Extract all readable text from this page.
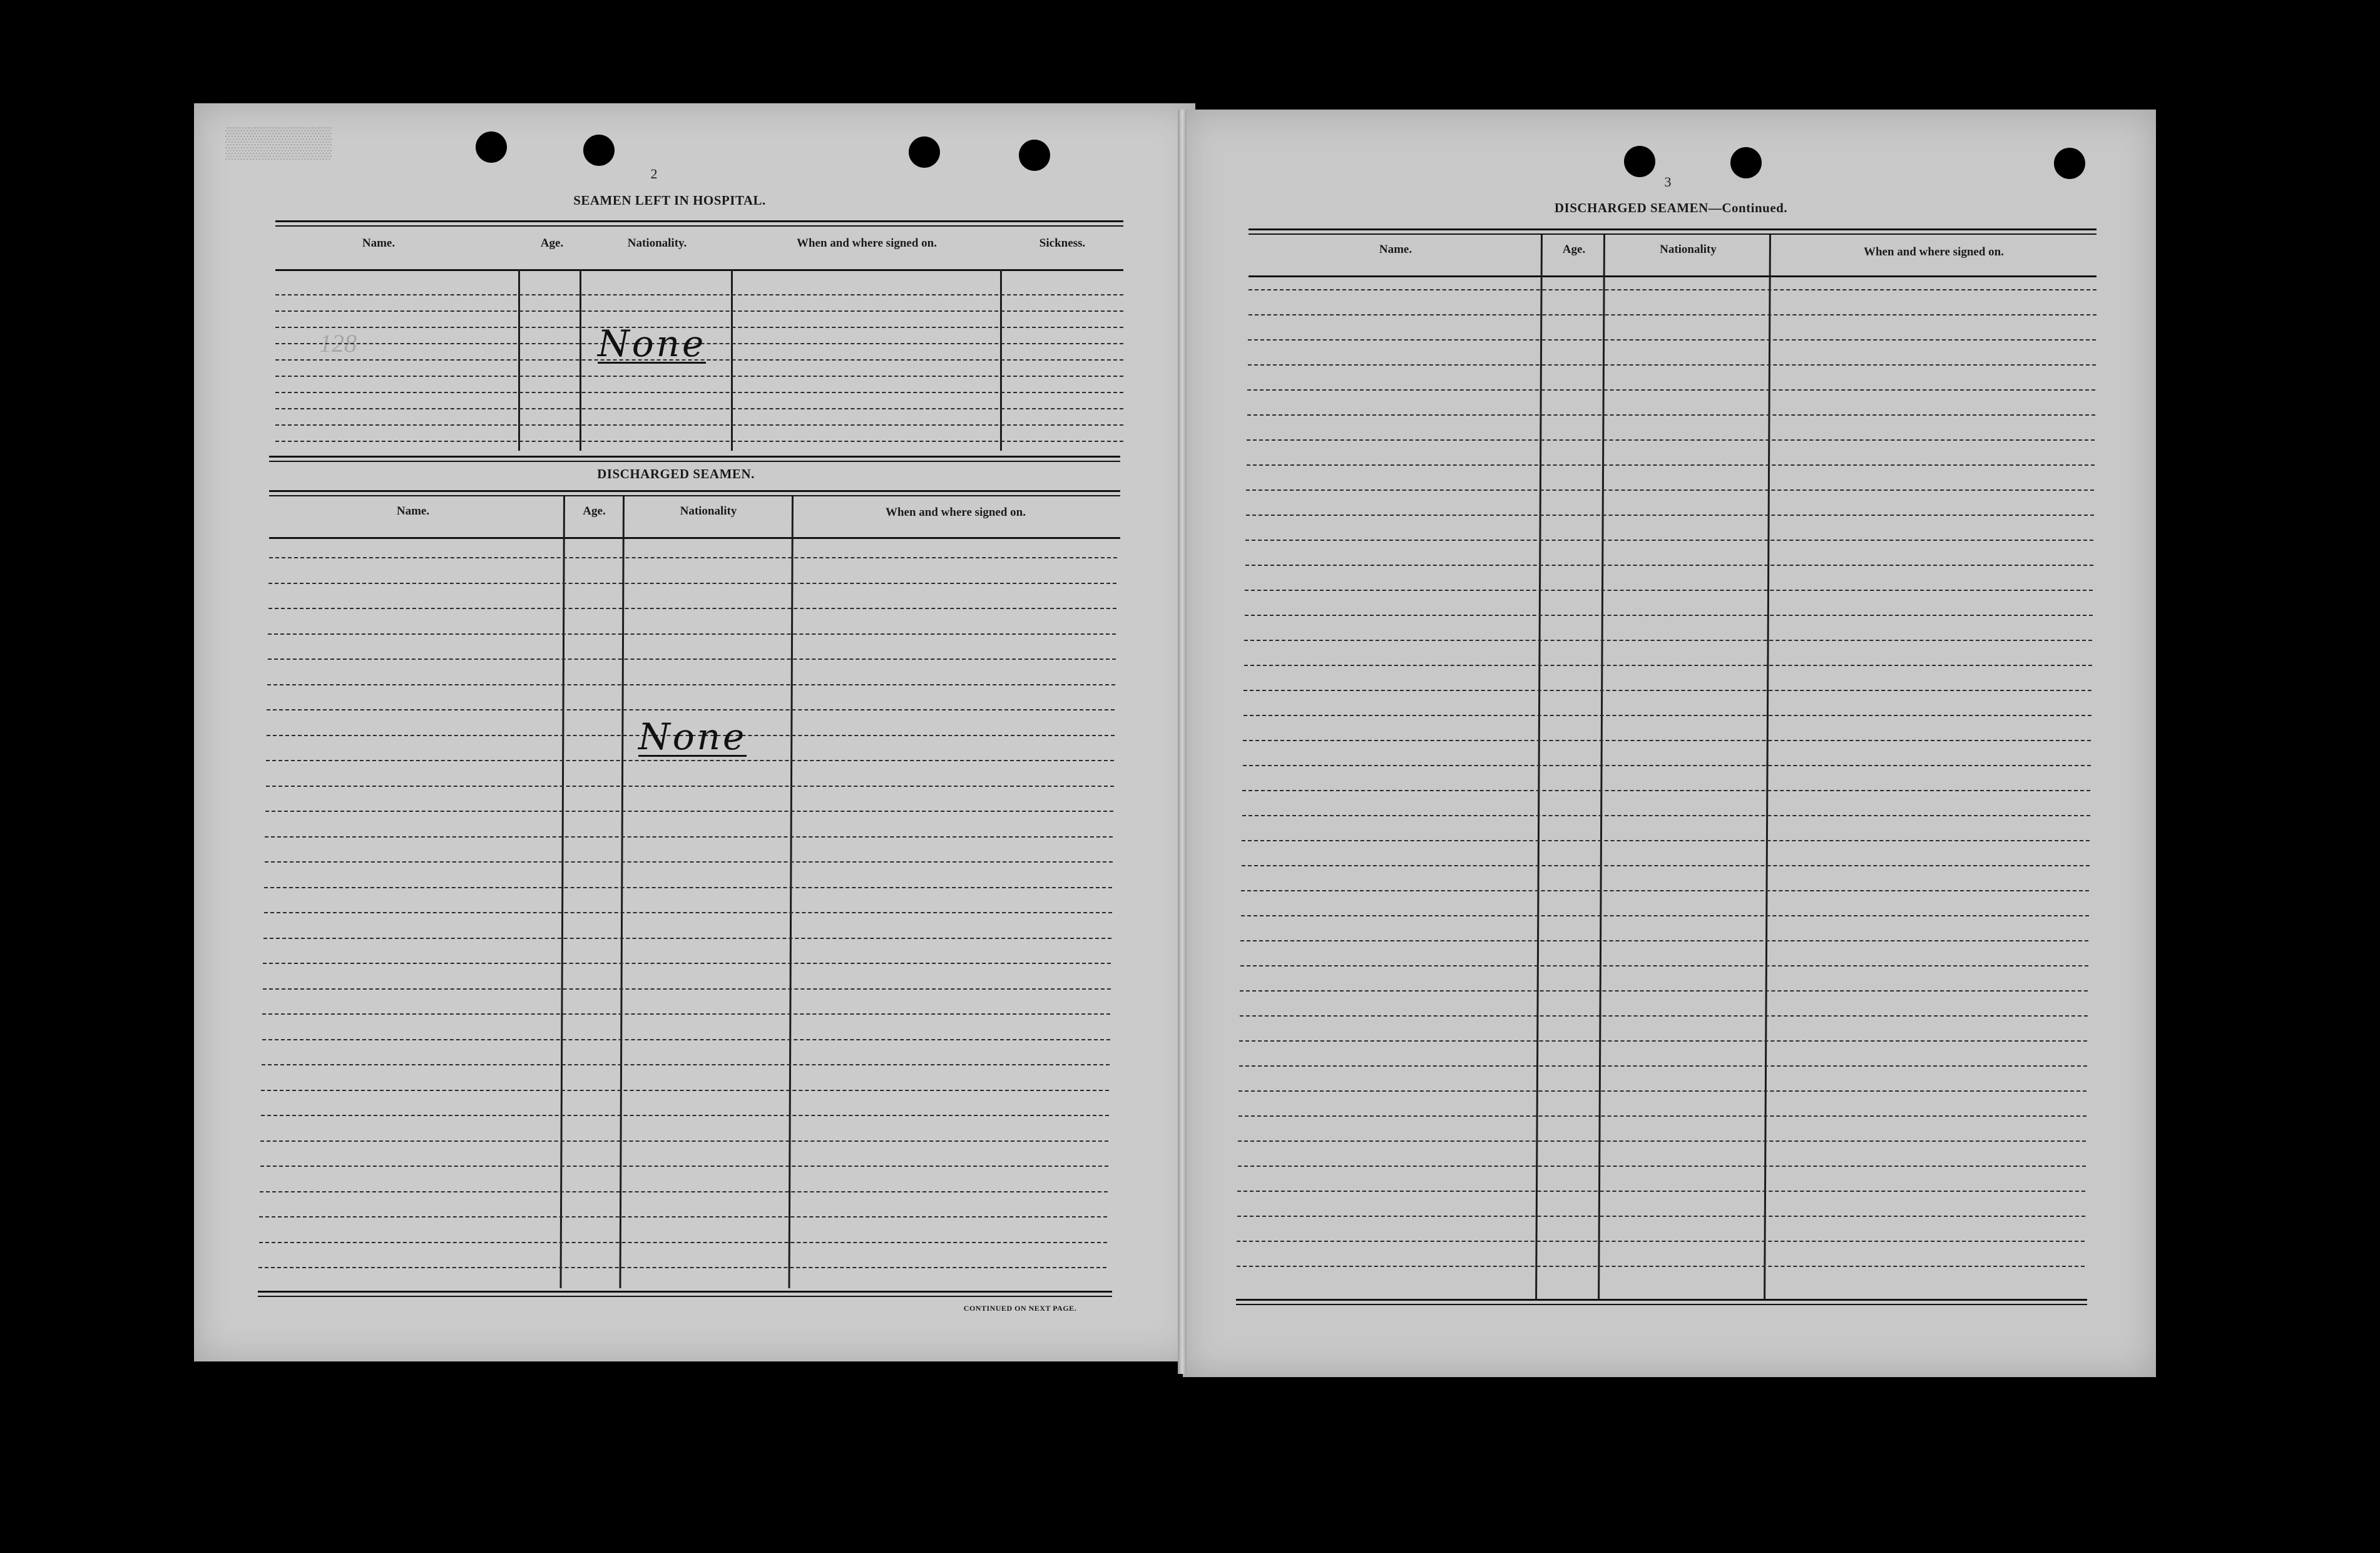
▒▒▒▒▒
128
2
SEAMEN LEFT IN HOSPITAL.
Name.	Age.	Nationality.	When and where signed on.	Sickness.
None
DISCHARGED SEAMEN.
Name.	Age.	Nationality	When and where signed on.
None
CONTINUED ON NEXT PAGE.
3
DISCHARGED SEAMEN—Continued.
Name.	Age.	Nationality	When and where signed on.
